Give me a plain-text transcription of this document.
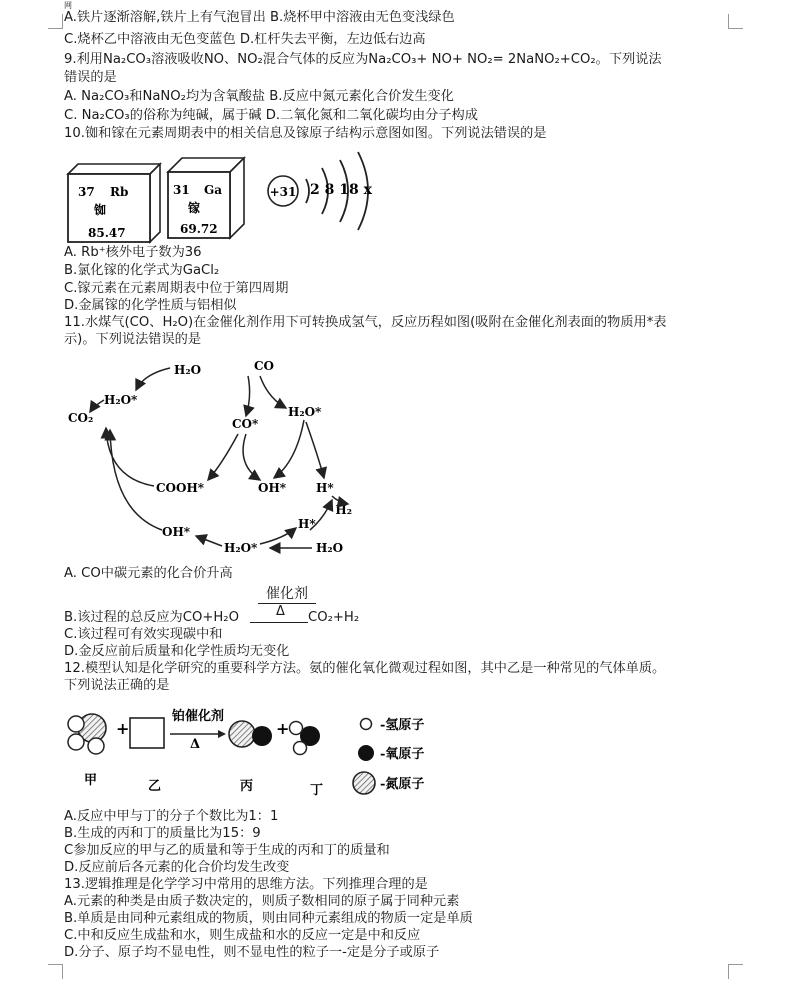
网
A.铁片逐渐溶解,铁片上有气泡冒出 B.烧杯甲中溶液由无色变浅绿色
C.烧杯乙中溶液由无色变蓝色 D.杠杆失去平衡，左边低右边高
9.利用Na₂CO₃溶液吸收NO、NO₂混合气体的反应为Na₂CO₃+ NO+ NO₂= 2NaNO₂+CO₂。下列说法
错误的是
A. Na₂CO₃和NaNO₂均为含氧酸盐 B.反应中氮元素化合价发生变化
C. Na₂CO₃的俗称为纯碱，属于碱 D.二氧化氮和二氧化碳均由分子构成
10.铷和镓在元素周期表中的相关信息及镓原子结构示意图如图。下列说法错误的是
37 Rb
铷
85.47
31 Ga
镓
69.72
+31 2 8 18 x
A. Rb⁺核外电子数为36
B.氯化镓的化学式为GaCl₂
C.镓元素在元素周期表中位于第四周期
D.金属镓的化学性质与铝相似
11.水煤气(CO、H₂O)在金催化剂作用下可转换成氢气，反应历程如图(吸附在金催化剂表面的物质用*表
示)。下列说法错误的是
H₂O	CO
H₂O*
H₂O*
CO₂	CO*
COOH*	OH* H*
H₂
H*
OH*
H₂O*	H₂O
A. CO中碳元素的化合价升高
催化剂
Δ
B.该过程的总反应为CO+H₂O	CO₂+H₂
C.该过程可有效实现碳中和
D.金反应前后质量和化学性质均无变化
12.模型认知是化学研究的重要科学方法。氨的催化氧化微观过程如图，其中乙是一种常见的气体单质。
下列说法正确的是
+
铂催化剂
Δ
+
甲	乙	丙	丁
-氢原子
-氧原子
-氮原子
A.反应中甲与丁的分子个数比为1：1
B.生成的丙和丁的质量比为15：9
C参加反应的甲与乙的质量和等于生成的丙和丁的质量和
D.反应前后各元素的化合价均发生改变
13.逻辑推理是化学学习中常用的思维方法。下列推理合理的是
A.元素的种类是由质子数决定的，则质子数相同的原子属于同种元素
B.单质是由同种元素组成的物质，则由同种元素组成的物质一定是单质
C.中和反应生成盐和水，则生成盐和水的反应一定是中和反应
D.分子、原子均不显电性，则不显电性的粒子一-定是分子或原子
